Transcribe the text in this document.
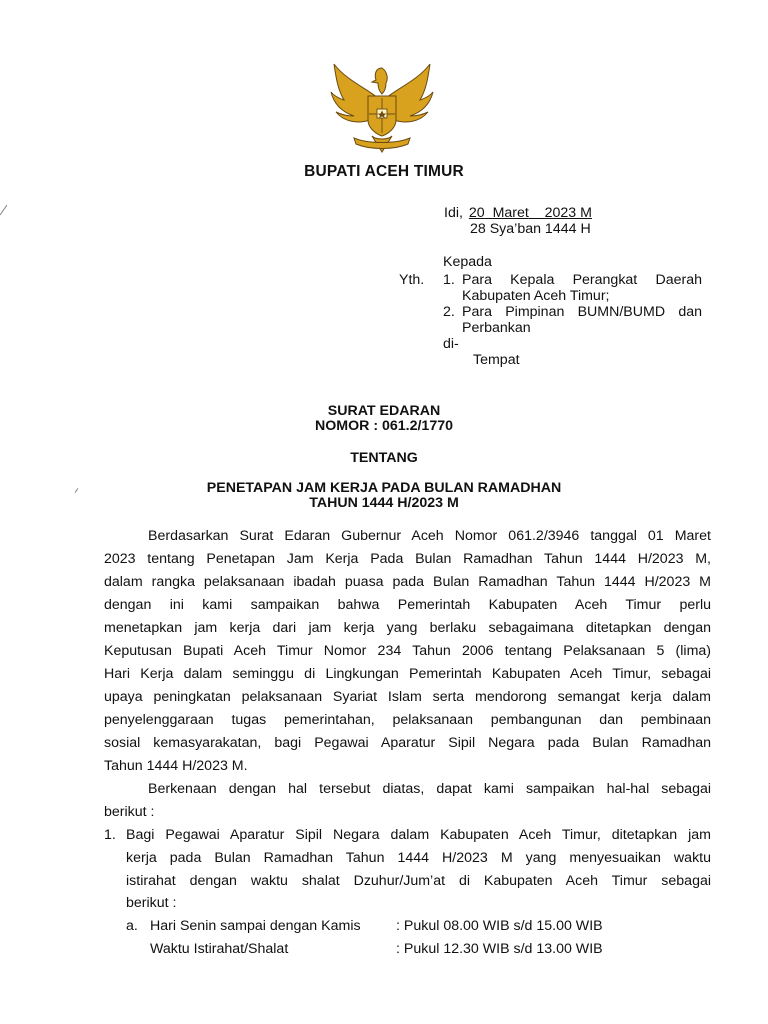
BUPATI ACEH TIMUR
Idi, 20 Maret 2023 M
28 Sya’ban 1444 H
Kepada
Yth. 1. Para Kepala Perangkat Daerah
Kabupaten Aceh Timur;
2. Para Pimpinan BUMN/BUMD dan
Perbankan
di-
Tempat
SURAT EDARAN
NOMOR : 061.2/1770
TENTANG
PENETAPAN JAM KERJA PADA BULAN RAMADHAN
TAHUN 1444 H/2023 M
Berdasarkan Surat Edaran Gubernur Aceh Nomor 061.2/3946 tanggal 01 Maret
2023 tentang Penetapan Jam Kerja Pada Bulan Ramadhan Tahun 1444 H/2023 M,
dalam rangka pelaksanaan ibadah puasa pada Bulan Ramadhan Tahun 1444 H/2023 M
dengan ini kami sampaikan bahwa Pemerintah Kabupaten Aceh Timur perlu
menetapkan jam kerja dari jam kerja yang berlaku sebagaimana ditetapkan dengan
Keputusan Bupati Aceh Timur Nomor 234 Tahun 2006 tentang Pelaksanaan 5 (lima)
Hari Kerja dalam seminggu di Lingkungan Pemerintah Kabupaten Aceh Timur, sebagai
upaya peningkatan pelaksanaan Syariat Islam serta mendorong semangat kerja dalam
penyelenggaraan tugas pemerintahan, pelaksanaan pembangunan dan pembinaan
sosial kemasyarakatan, bagi Pegawai Aparatur Sipil Negara pada Bulan Ramadhan
Tahun 1444 H/2023 M.
Berkenaan dengan hal tersebut diatas, dapat kami sampaikan hal-hal sebagai
berikut :
1. Bagi Pegawai Aparatur Sipil Negara dalam Kabupaten Aceh Timur, ditetapkan jam
kerja pada Bulan Ramadhan Tahun 1444 H/2023 M yang menyesuaikan waktu
istirahat dengan waktu shalat Dzuhur/Jum’at di Kabupaten Aceh Timur sebagai
berikut :
a. Hari Senin sampai dengan Kamis : Pukul 08.00 WIB s/d 15.00 WIB
Waktu Istirahat/Shalat	: Pukul 12.30 WIB s/d 13.00 WIB
